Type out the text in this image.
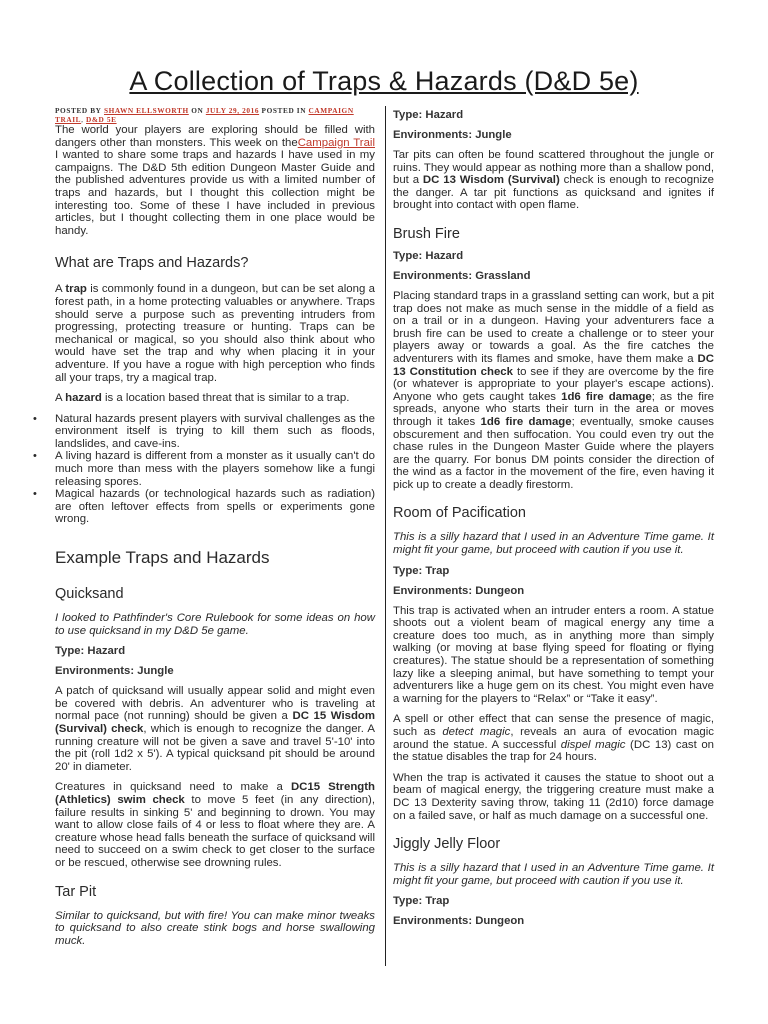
A Collection of Traps & Hazards (D&D 5e)
POSTED BY SHAWN ELLSWORTH ON JULY 29, 2016 POSTED IN CAMPAIGN TRAIL, D&D 5E

The world your players are exploring should be filled with dangers other than monsters. This week on theCampaign Trail I wanted to share some traps and hazards I have used in my campaigns. The D&D 5th edition Dungeon Master Guide and the published adventures provide us with a limited number of traps and hazards, but I thought this collection might be interesting too. Some of these I have included in previous articles, but I thought collecting them in one place would be handy.

What are Traps and Hazards?

A trap is commonly found in a dungeon, but can be set along a forest path, in a home protecting valuables or anywhere. Traps should serve a purpose such as preventing intruders from progressing, protecting treasure or hunting. Traps can be mechanical or magical, so you should also think about who would have set the trap and why when placing it in your adventure. If you have a rogue with high perception who finds all your traps, try a magical trap.

A hazard is a location based threat that is similar to a trap.

• Natural hazards present players with survival challenges as the environment itself is trying to kill them such as floods, landslides, and cave-ins.
• A living hazard is different from a monster as it usually can't do much more than mess with the players somehow like a fungi releasing spores.
• Magical hazards (or technological hazards such as radiation) are often leftover effects from spells or experiments gone wrong.
Example Traps and Hazards
Quicksand

I looked to Pathfinder's Core Rulebook for some ideas on how to use quicksand in my D&D 5e game.

Type: Hazard
Environments: Jungle

A patch of quicksand will usually appear solid and might even be covered with debris. An adventurer who is traveling at normal pace (not running) should be given a DC 15 Wisdom (Survival) check, which is enough to recognize the danger. A running creature will not be given a save and travel 5'-10' into the pit (roll 1d2 x 5'). A typical quicksand pit should be around 20' in diameter.

Creatures in quicksand need to make a DC15 Strength (Athletics) swim check to move 5 feet (in any direction), failure results in sinking 5' and beginning to drown. You may want to allow close fails of 4 or less to float where they are. A creature whose head falls beneath the surface of quicksand will need to succeed on a swim check to get closer to the surface or be rescued, otherwise see drowning rules.

Tar Pit

Similar to quicksand, but with fire! You can make minor tweaks to quicksand to also create stink bogs and horse swallowing muck.

Type: Hazard
Environments: Jungle

Tar pits can often be found scattered throughout the jungle or ruins. They would appear as nothing more than a shallow pond, but a DC 13 Wisdom (Survival) check is enough to recognize the danger. A tar pit functions as quicksand and ignites if brought into contact with open flame.

Brush Fire
Type: Hazard
Environments: Grassland

Placing standard traps in a grassland setting can work, but a pit trap does not make as much sense in the middle of a field as on a trail or in a dungeon. Having your adventurers face a brush fire can be used to create a challenge or to steer your players away or towards a goal. As the fire catches the adventurers with its flames and smoke, have them make a DC 13 Constitution check to see if they are overcome by the fire (or whatever is appropriate to your player's escape actions). Anyone who gets caught takes 1d6 fire damage; as the fire spreads, anyone who starts their turn in the area or moves through it takes 1d6 fire damage; eventually, smoke causes obscurement and then suffocation. You could even try out the chase rules in the Dungeon Master Guide where the players are the quarry. For bonus DM points consider the direction of the wind as a factor in the movement of the fire, even having it pick up to create a deadly firestorm.

Room of Pacification

This is a silly hazard that I used in an Adventure Time game. It might fit your game, but proceed with caution if you use it.

Type: Trap
Environments: Dungeon

This trap is activated when an intruder enters a room. A statue shoots out a violent beam of magical energy any time a creature does too much, as in anything more than simply walking (or moving at base flying speed for floating or flying creatures). The statue should be a representation of something lazy like a sleeping animal, but have something to tempt your adventurers like a huge gem on its chest. You might even have a warning for the players to “Relax” or “Take it easy”.

A spell or other effect that can sense the presence of magic, such as detect magic, reveals an aura of evocation magic around the statue. A successful dispel magic (DC 13) cast on the statue disables the trap for 24 hours.

When the trap is activated it causes the statue to shoot out a beam of magical energy, the triggering creature must make a DC 13 Dexterity saving throw, taking 11 (2d10) force damage on a failed save, or half as much damage on a successful one.

Jiggly Jelly Floor

This is a silly hazard that I used in an Adventure Time game. It might fit your game, but proceed with caution if you use it.

Type: Trap
Environments: Dungeon
